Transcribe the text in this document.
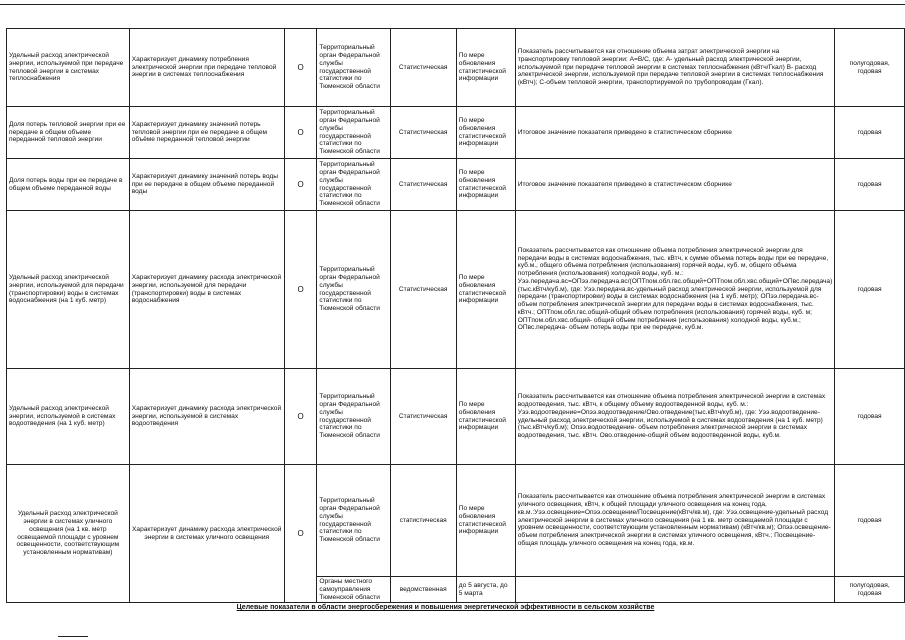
Удельный расход электрической энергии, используемой при передаче тепловой энергии в системах теплоснабжения	Характеризует динамику потребления электрической энергии при передаче тепловой энергии в системах теплоснабжения	О	Территориальный орган Федеральной службы государственной статистики по Тюменской области	Статистическая	По мере обновления статистической информации	Показатель рассчитывается как отношение объема затрат электрической энергии на транспортировку тепловой энергии: А=В/С, где: А- удельный расход электрической энергии, используемой при передаче тепловой энергии в системах теплоснабжения (кВтч/Гкал) В- расход электрической энергии, используемой при передаче тепловой энергии в системах теплоснабжения (кВтч); С-объем тепловой энергии, транспортируемой по трубопроводам (Гкал).	полугодовая, годовая
Доля потерь тепловой энергии при ее передаче в общем объеме переданной тепловой энергии	Характеризует динамику значений потерь тепловой энергии при ее передаче в общем объёме переданной тепловой энергии	О	Территориальный орган Федеральной службы государственной статистики по Тюменской области	Статистическая	По мере обновления статистической информации	Итоговое значение показателя приведено в статистическом сборнике	годовая
Доля потерь воды при ее передаче в общем объеме переданной воды	Характеризует динамику значений потерь воды при ее передаче в общем объеме переданной воды	О	Территориальный орган Федеральной службы государственной статистики по Тюменской области	Статистическая	По мере обновления статистической информации	Итоговое значение показателя приведено в статистическом сборнике	годовая
Удельный расход электрической энергии, используемой для передачи (транспортировки) воды в системах водоснабжения (на 1 куб. метр)	Характеризует динамику расхода электрической энергии, используемой для передачи (транспортировки) воды в системах водоснабжения	О	Территориальный орган Федеральной службы государственной статистики по Тюменской области	Статистическая	По мере обновления статистической информации	Показатель рассчитывается как отношение объема потребления электрической энергии для передачи воды в системах водоснабжения, тыс. кВтч, к сумме объема потерь воды при ее передаче, куб.м., общего объема потребления (использования) горячей воды, куб. м, общего объема потребления (использования) холодной воды, куб. м.: Уээ.передача.вс=ОПээ.передача.вс/(ОПТпом.обл.гвс.общий+ОПТпом.обл.хвс.общий+ОПвс.передача) (тыс.кВтч/куб.м), где: Уээ.передача.вс-удельный расход электрической энергии, используемой для передачи (транспортировки) воды в системах водоснабжения (на 1 куб. метр); ОПээ.передача.вс-объем потребления электрической энергии для передачи воды в системах водоснабжения, тыс. кВтч.; ОПТпом.обл.гвс.общий-общий объем потребления (использования) горячей воды, куб. м; ОПТпом.обл.хвс.общий- общий объем потребления (использования) холодной воды, куб.м.; ОПвс.передача- объем потерь воды при ее передаче, куб.м.	годовая
Удельный расход электрической энергии, используемой в системах водоотведения (на 1 куб. метр)	Характеризует динамику расхода электрической энергии, используемой в системах водоотведения	О	Территориальный орган Федеральной службы государственной статистики по Тюменской области	Статистическая	По мере обновления статистической информации	Показатель рассчитывается как отношение объема потребления электрической энергии в системах водоотведения, тыс. кВтч, к общему объему водоотведенной воды, куб. м.: Уээ.водоотведение=Опээ.водоотведение/Ово.отведение(тыс.кВтч/куб.м), где: Уээ.водоотведение- удельный расход электрической энергии, используемой в системах водоотведения (на 1 куб. метр) (тыс.кВтч/куб.м); Опээ.водоотведение- объем потребления электрической энергии в системах водоотведения, тыс. кВтч. Ово.отведение-общий объем водоотведенной воды, куб.м.	годовая
Удельный расход электрической энергии в системах уличного освещения (на 1 кв. метр освещаемой площади с уровнем освещенности, соответствующим установленным нормативам)	Характеризует динамику расхода электрической энергии в системах уличного освещения	О	Территориальный орган Федеральной службы государственной статистики по Тюменской области	статистическая	По мере обновления статистической информации	Показатель рассчитывается как отношение объема потребления электрической энергии в системах уличного освещения, кВтч, к общей площади уличного освещения на конец года, кв.м.:Уээ.освещение=Опээ.освещение/Посвещение(кВтч/кв.м), где: Уээ.освещение-удельный расход электрической энергии в системах уличного освещения (на 1 кв. метр освещаемой площади с уровнем освещенности, соответствующим установленным нормативам) (кВтч/кв.м); Опээ.освещение- объем потребления электрической энергии в системах уличного освещения, кВтч.; Посвещение- общая площадь уличного освещения на конец года, кв.м.	годовая
			Органы местного самоуправления Тюменской области	ведомственная	до 5 августа, до 5 марта		полугодовая, годовая
Целевые показатели в области энергосбережения и повышения энергетической эффективности в сельском хозяйстве
